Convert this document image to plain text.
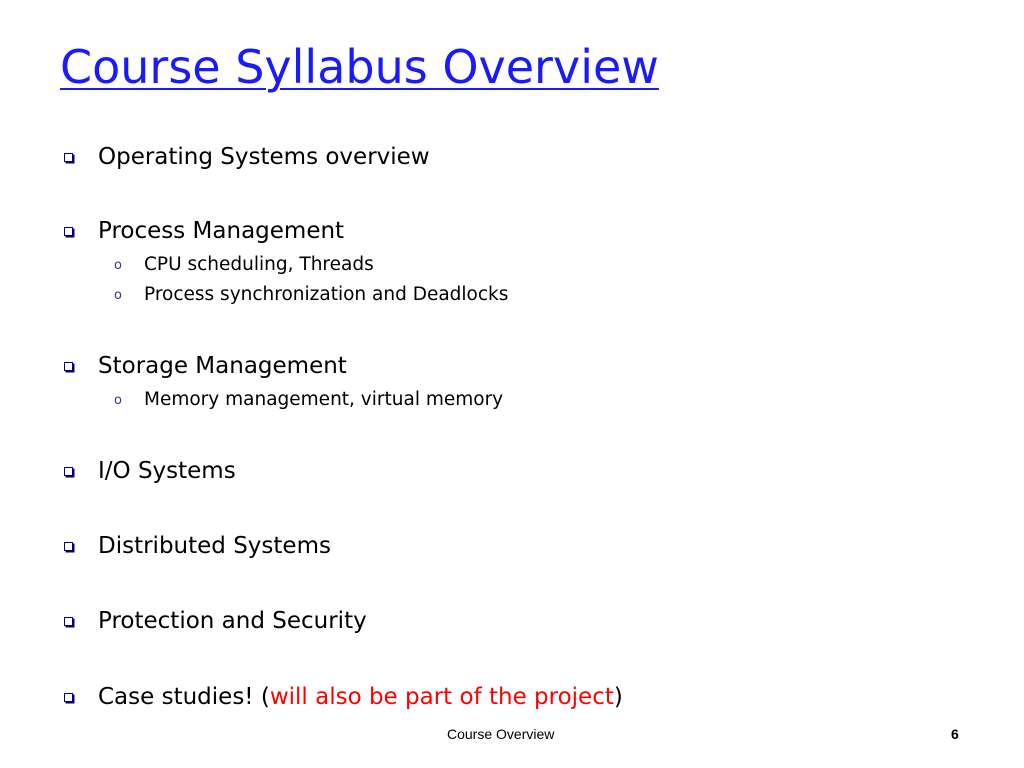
Course Syllabus Overview
Operating Systems overview
Process Management
o	CPU scheduling, Threads
o	Process synchronization and Deadlocks
Storage Management
o	Memory management, virtual memory
I/O Systems
Distributed Systems
Protection and Security
Case studies! (will also be part of the project)
Course Overview	6
